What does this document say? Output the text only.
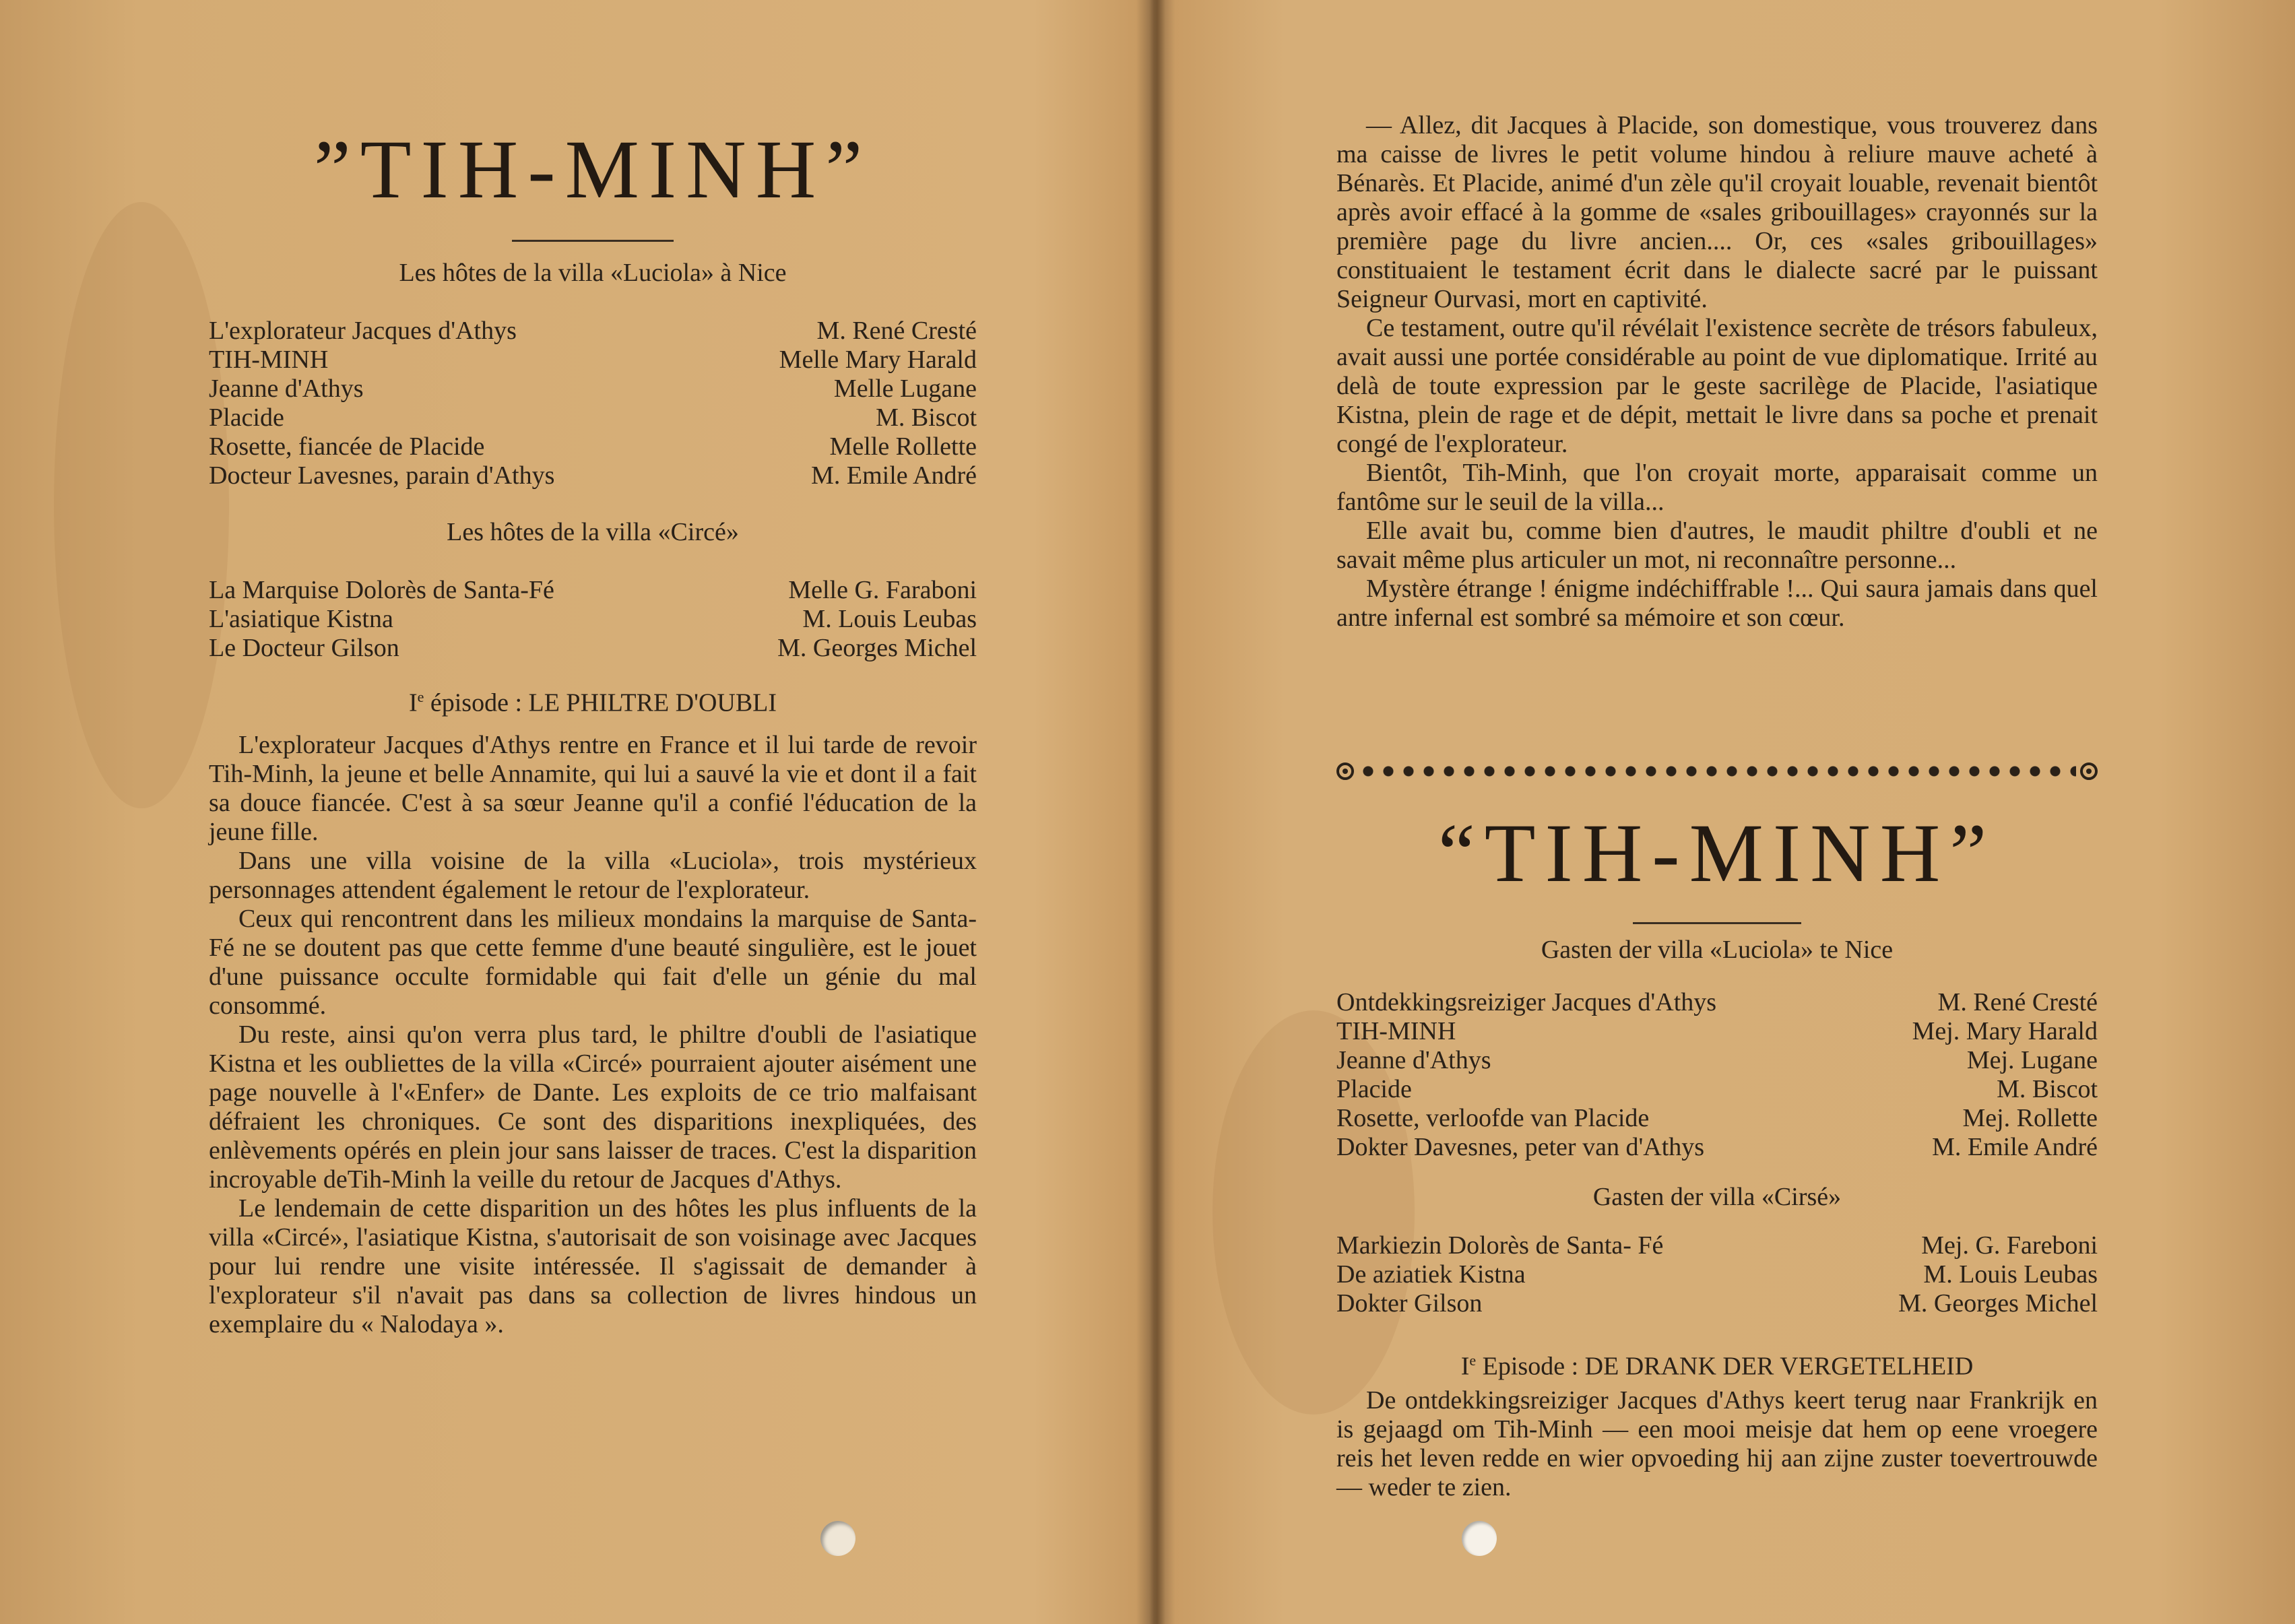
”TIH-MINH”
Les hôtes de la villa «Luciola» à Nice
L'explorateur Jacques d'Athys	M. René Cresté
TIH-MINH	Melle Mary Harald
Jeanne d'Athys	Melle Lugane
Placide	M. Biscot
Rosette, fiancée de Placide	Melle Rollette
Docteur Lavesnes, parain d'Athys	M. Emile André
Les hôtes de la villa «Circé»
La Marquise Dolorès de Santa-Fé	Melle G. Faraboni
L'asiatique Kistna	M. Louis Leubas
Le Docteur Gilson	M. Georges Michel
Ie épisode : LE PHILTRE D'OUBLI

L'explorateur Jacques d'Athys rentre en France et il lui tarde de revoir Tih-Minh, la jeune et belle Annamite, qui lui a sauvé la vie et dont il a fait sa douce fiancée. C'est à sa sœur Jeanne qu'il a confié l'éducation de la jeune fille.

Dans une villa voisine de la villa «Luciola», trois mystérieux personnages attendent également le retour de l'explorateur.

Ceux qui rencontrent dans les milieux mondains la marquise de Santa-Fé ne se doutent pas que cette femme d'une beauté singulière, est le jouet d'une puissance occulte formidable qui fait d'elle un génie du mal consommé.

Du reste, ainsi qu'on verra plus tard, le philtre d'oubli de l'asiatique Kistna et les oubliettes de la villa «Circé» pourraient ajouter aisément une page nouvelle à l'«Enfer» de Dante. Les exploits de ce trio malfaisant défraient les chroniques. Ce sont des disparitions inexpliquées, des enlèvements opérés en plein jour sans laisser de traces. C'est la disparition incroyable deTih-Minh la veille du retour de Jacques d'Athys.

Le lendemain de cette disparition un des hôtes les plus influents de la villa «Circé», l'asiatique Kistna, s'autorisait de son voisinage avec Jacques pour lui rendre une visite intéressée. Il s'agissait de demander à l'explorateur s'il n'avait pas dans sa collection de livres hindous un exemplaire du « Nalodaya ».

— Allez, dit Jacques à Placide, son domestique, vous trouverez dans ma caisse de livres le petit volume hindou à reliure mauve acheté à Bénarès. Et Placide, animé d'un zèle qu'il croyait louable, revenait bientôt après avoir effacé à la gomme de «sales gribouillages» crayonnés sur la première page du livre ancien.... Or, ces «sales gribouillages» constituaient le testament écrit dans le dialecte sacré par le puissant Seigneur Ourvasi, mort en captivité.

Ce testament, outre qu'il révélait l'existence secrète de trésors fabuleux, avait aussi une portée considérable au point de vue diplomatique. Irrité au delà de toute expression par le geste sacrilège de Placide, l'asiatique Kistna, plein de rage et de dépit, mettait le livre dans sa poche et prenait congé de l'explorateur.

Bientôt, Tih-Minh, que l'on croyait morte, apparaisait comme un fantôme sur le seuil de la villa...

Elle avait bu, comme bien d'autres, le maudit philtre d'oubli et ne savait même plus articuler un mot, ni reconnaître personne...

Mystère étrange ! énigme indéchiffrable !... Qui saura jamais dans quel antre infernal est sombré sa mémoire et son cœur.

“TIH-MINH”
Gasten der villa «Luciola» te Nice
Ontdekkingsreiziger Jacques d'Athys	M. René Cresté
TIH-MINH	Mej. Mary Harald
Jeanne d'Athys	Mej. Lugane
Placide	M. Biscot
Rosette, verloofde van Placide	Mej. Rollette
Dokter Davesnes, peter van d'Athys	M. Emile André
Gasten der villa «Cirsé»
Markiezin Dolorès de Santa- Fé	Mej. G. Fareboni
De aziatiek Kistna	M. Louis Leubas
Dokter Gilson	M. Georges Michel
Ie Episode : DE DRANK DER VERGETELHEID

De ontdekkingsreiziger Jacques d'Athys keert terug naar Frankrijk en is gejaagd om Tih-Minh — een mooi meisje dat hem op eene vroegere reis het leven redde en wier opvoeding hij aan zijne zuster toevertrouwde — weder te zien.
